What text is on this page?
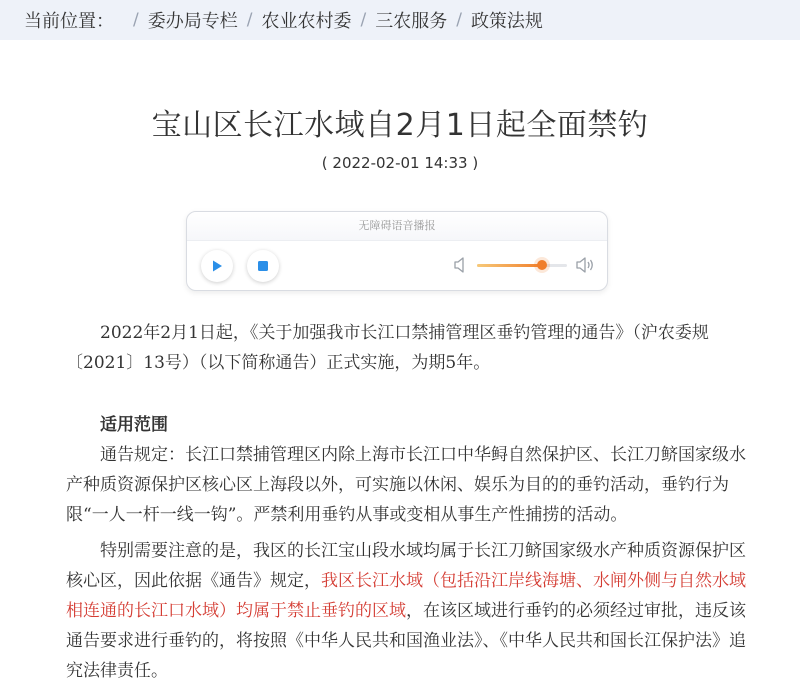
当前位置： / 委办局专栏 / 农业农村委 / 三农服务 / 政策法规
宝山区长江水域自2月1日起全面禁钓
( 2022-02-01 14:33 )
无障碍语音播报

2022年2月1日起，《关于加强我市长江口禁捕管理区垂钓管理的通告》（沪农委规〔2021〕13号）（以下简称通告）正式实施，为期5年。

适用范围

通告规定：长江口禁捕管理区内除上海市长江口中华鲟自然保护区、长江刀鲚国家级水产种质资源保护区核心区上海段以外，可实施以休闲、娱乐为目的的垂钓活动，垂钓行为限“一人一杆一线一钩”。严禁利用垂钓从事或变相从事生产性捕捞的活动。

特别需要注意的是，我区的长江宝山段水域均属于长江刀鲚国家级水产种质资源保护区核心区，因此依据《通告》规定，我区长江水域（包括沿江岸线海塘、水闸外侧与自然水域相连通的长江口水域）均属于禁止垂钓的区域，在该区域进行垂钓的必须经过审批，违反该通告要求进行垂钓的，将按照《中华人民共和国渔业法》、《中华人民共和国长江保护法》追究法律责任。
